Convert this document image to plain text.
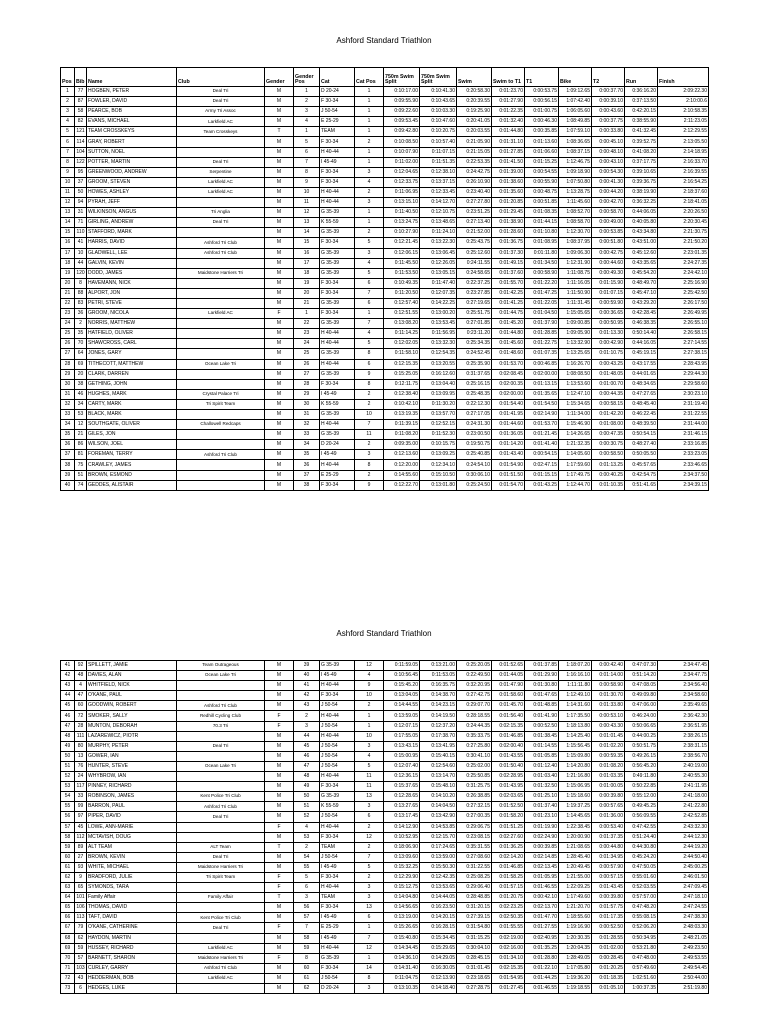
Ashford Standard Triathlon
Pos	Bib	Name	Club	Gender	Gender Pos	Cat	Cat Pos	750m Swim Split	750m Swim Split	Swim	Swim to T1	T1	Bike	T2	Run	Finish
1	77	HOGBEN, PETER	Deal Tri	M	1	D 20-24	1	0:10:17.00	0:10:41.30	0:20:58.30	0:01:23.70	0:00:53.75	1:09:12.65	0:00:37.70	0:36:16.20	2:09:22.30
2	87	FOWLER, DAVID	Deal Tri	M	2	F 30-34	1	0:09:55.90	0:10:43.65	0:20:39.55	0:01:27.90	0:00:56.15	1:07:42.40	0:00:39.10	0:37:13.50	2:10:00.6
3	58	PEARCE, BOB	Army Tri Assoc	M	3	J 50-54	1	0:09:22.60	0:10:03.30	0:19:25.90	0:01:22.35	0:01:00.75	1:06:05.60	0:00:43.60	0:42:20.15	2:10:58.35
4	82	EVANS, MICHAEL	Larkfield AC	M	4	E 25-29	1	0:09:53.45	0:10:47.60	0:20:41.05	0:01:32.40	0:00:46.30	1:08:49.85	0:00:37.75	0:38:55.90	2:11:23.05
5	121	TEAM CROSSKEYS	Team Crosskeys	T	1	TEAM	1	0:09:42.80	0:10:20.75	0:20:03.55	0:01:44.80	0:00:35.85	1:07:59.10	0:00:33.80	0:41:32.45	2:12:29.55
6	114	GRAY, ROBERT		M	5	F 30-34	2	0:10:08.50	0:10:57.40	0:21:05.90	0:01:31.10	0:01:13.60	1:08:36.65	0:00:45.10	0:39:52.75	2:13:05.50
7	104	SUTTON, NOEL		M	6	H 40-44	1	0:10:07.90	0:11:07.15	0:21:15.05	0:01:27.85	0:01:06.60	1:08:37.15	0:00:48.10	0:41:08.20	2:14:18.95
8	122	POTTER, MARTIN	Deal Tri	M	7	I 45-49	1	0:11:02.00	0:11:51.35	0:22:53.35	0:01:41.50	0:01:15.25	1:12:46.75	0:00:43.10	0:37:17.75	2:16:33.70
9	95	GREENWOOD, ANDREW	Serpentine	M	8	F 30-34	3	0:12:04.65	0:12:38.10	0:24:42.75	0:01:39.00	0:00:54.55	1:09:18.90	0:00:54.30	0:39:10.65	2:16:39.55
10	37	GROOM, STEVEN	Larkfield AC	M	9	F 30-34	4	0:12:33.75	0:13:37.15	0:26:10.90	0:01:38.60	0:00:55.90	1:07:50.80	0:00:41.30	0:39:36.75	2:16:54.25
11	50	HOWES, ASHLEY	Larkfield AC	M	10	H 40-44	2	0:11:06.95	0:12:33.45	0:23:40.40	0:01:35.60	0:00:48.75	1:13:28.75	0:00:44.20	0:38:19.90	2:18:37.60
12	94	PYRAH, JEFF		M	11	H 40-44	3	0:13:15.10	0:14:12.70	0:27:27.80	0:01:20.85	0:00:51.85	1:11:45.60	0:00:42.70	0:36:32.25	2:18:41.05
13	31	WILKINSON, ANGUS	Tri Anglia	M	12	G 35-39	1	0:11:40.50	0:12:10.75	0:23:51.25	0:01:29.45	0:01:08.35	1:08:52.70	0:00:58.70	0:44:06.05	2:20:26.50
14	71	GIRLING, ANDREW	Deal Tri	M	13	K 55-59	1	0:13:24.75	0:13:48.65	0:27:13.40	0:01:38.90	0:01:44.15	1:08:58.70	0:00:49.00	0:40:05.80	2:20:30.45
15	110	STAFFORD, MARK		M	14	G 35-39	2	0:10:27.90	0:11:24.10	0:21:52.00	0:01:28.60	0:01:10.80	1:12:30.70	0:00:53.85	0:43:34.80	2:21:30.75
16	41	HARRIS, DAVID	Ashford Tri Club	M	15	F 30-34	5	0:12:21.45	0:13:22.30	0:25:43.75	0:01:36.75	0:01:08.95	1:08:37.95	0:00:51.80	0:43:51.00	2:21:50.20
17	10	GLADWELL, LEE	Ashford Tri Club	M	16	G 35-39	3	0:12:06.15	0:13:06.45	0:25:12.60	0:01:37.30	0:01:11.80	1:09:06.30	0:00:42.75	0:45:12.60	2:23:01.35
18	44	GALVIN, KEVIN		M	17	G 35-39	4	0:11:45.50	0:12:26.05	0:24:11.55	0:01:49.15	0:01:34.50	1:12:31.90	0:00:44.60	0:43:35.65	2:24:27.35
19	120	DODD, JAMES	Maidstone Harriers Tri	M	18	G 35-39	5	0:11:53.50	0:13:05.15	0:24:58.65	0:01:37.60	0:00:58.90	1:11:08.75	0:00:49.30	0:45:54.20	2:24:42.10
20	8	HAVEMANN, NICK		M	19	F 30-34	6	0:10:49.35	0:11:47.40	0:22:37.25	0:01:55.70	0:01:22.20	1:11:16.05	0:01:15.90	0:48:49.70	2:25:16.90
21	88	ALPORT, JON		M	20	F 30-34	7	0:11:20.50	0:12:07.35	0:23:27.85	0:01:42.25	0:01:47.25	1:11:50.90	0:01:07.15	0:45:47.10	2:25:42.50
22	83	PETRI, STEVE		M	21	G 35-39	6	0:12:57.40	0:14:22.25	0:27:19.65	0:01:41.25	0:01:22.05	1:11:31.45	0:00:59.90	0:43:29.20	2:26:17.50
23	36	GROOM, NICOLA	Larkfield AC	F	1	F 30-34	1	0:12:51.55	0:13:00.20	0:25:51.75	0:01:44.75	0:01:04.50	1:15:05.65	0:00:36.65	0:42:28.45	2:26:49.95
24	2	NORRIS, MATTHEW		M	22	G 35-39	7	0:13:08.20	0:13:53.45	0:27:01.85	0:01:45.20	0:01:37.90	1:09:00.85	0:00:50.95	0:46:38.35	2:26:55.10
25	35	HATFIELD, OLIVER		M	23	H 40-44	4	0:11:14.25	0:11:56.95	0:23:11.20	0:01:44.80	0:01:28.85	1:09:05.90	0:01:13.30	0:50:14.40	2:26:58.15
26	70	SHAWCROSS, CARL		M	24	H 40-44	5	0:12:02.05	0:13:32.30	0:25:34.35	0:01:45.60	0:01:22.75	1:13:32.90	0:00:42.90	0:44:16.05	2:27:14.55
27	64	JONES, GARY		M	25	G 35-39	8	0:11:58.10	0:12:54.35	0:24:52.45	0:01:48.60	0:01:07.35	1:13:25.65	0:01:10.75	0:45:19.15	2:27:38.15
28	69	TITHECOTT, MATTHEW	Ocean Lake Tri	M	26	H 40-44	6	0:12:15.35	0:13:20.55	0:25:35.90	0:01:53.70	0:00:46.85	1:16:26.70	0:00:43.25	0:43:17.55	2:28:43.95
29	20	CLARK, DARREN		M	27	G 35-39	9	0:15:25.05	0:16:12.60	0:31:37.65	0:02:08.45	0:02:00.00	1:08:08.50	0:01:48.05	0:44:01.65	2:29:44.30
30	38	GETHING, JOHN		M	28	F 30-34	8	0:12:11.75	0:13:04.40	0:25:16.15	0:02:00.35	0:01:13.15	1:13:53.60	0:01:00.70	0:48:34.65	2:29:58.60
31	46	HUGHES, MARK	Crystal Palace Tri	M	29	I 45-49	2	0:12:38.40	0:13:09.95	0:25:48.35	0:02:00.00	0:01:35.65	1:12:47.10	0:00:44.35	0:47:27.65	2:30:23.10
32	34	CARTY, MARK	Tri Spirit Team	M	30	K 55-59	2	0:10:42.10	0:11:30.20	0:22:12.30	0:01:54.40	0:01:54.50	1:15:34.65	0:00:58.15	0:48:45.40	2:31:19.40
33	53	BLACK, MARK		M	31	G 35-39	10	0:13:19.35	0:13:57.70	0:27:17.05	0:01:41.95	0:02:14.90	1:11:34.00	0:01:42.20	0:46:22.45	2:31:22.55
34	12	SOUTHGATE, OLIVER	Challowell Redcaps	M	32	H 40-44	7	0:11:39.15	0:12:52.15	0:24:31.30	0:01:44.60	0:01:53.70	1:15:46.90	0:01:08.00	0:48:39.50	2:31:44.00
35	21	GILES, JON		M	33	G 35-39	11	0:11:08.20	0:11:52.30	0:23:00.50	0:01:36.05	0:01:21.45	1:14:26.65	0:00:47.35	0:50:54.15	2:31:46.15
36	86	WILSON, JOEL		M	34	D 20-24	2	0:09:35.00	0:10:15.75	0:19:50.75	0:01:14.20	0:01:41.40	1:21:32.35	0:00:30.75	0:48:27.40	2:33:16.85
37	81	FOREMAN, TERRY	Ashford Tri Club	M	35	I 45-49	3	0:12:13.60	0:13:09.25	0:25:40.85	0:01:43.40	0:00:54.15	1:14:05.60	0:00:58.50	0:50:05.50	2:33:23.05
38	75	CRAWLEY, JAMES		M	36	H 40-44	8	0:12:20.00	0:12:34.10	0:24:54.10	0:01:54.90	0:02:47.15	1:17:59.60	0:01:13.25	0:45:57.65	2:33:46.65
39	51	BROWN, ESMOND		M	37	E 25-29	2	0:14:55.60	0:15:10.50	0:30:06.10	0:01:51.50	0:01:15.15	1:17:49.75	0:00:40.25	0:42:54.75	2:34:37.50
40	74	GEDDES, ALISTAIR		M	38	F 30-34	9	0:12:22.70	0:13:01.80	0:25:24.50	0:01:54.70	0:01:43.25	1:12:44.70	0:01:10.35	0:51:41.65	2:34:39.15
Ashford Standard Triathlon
41	92	SPILLETT, JAMIE	Team Outrageous	M	39	G 35-39	12	0:11:59.05	0:13:21.00	0:25:20.05	0:01:52.65	0:01:37.85	1:18:07.20	0:00:42.40	0:47:07.30	2:34:47.45
42	48	DAVIES, ALAN	Ocean Lake Tri	M	40	I 45-49	4	0:10:56.45	0:11:53.05	0:22:49.50	0:01:44.05	0:01:29.90	1:16:16.10	0:01:14.00	0:51:14.20	2:34:47.75
43	4	WHITFIELD, NICK		M	41	H 40-44	9	0:15:45.20	0:16:35.75	0:32:20.95	0:01:47.90	0:01:30.80	1:11:11.80	0:00:58.90	0:47:08.05	2:34:56.40
44	47	O'KANE, PAUL		M	42	F 30-34	10	0:13:04.05	0:14:38.70	0:27:42.75	0:01:58.60	0:01:47.65	1:12:49.10	0:01:30.70	0:49:09.80	2:34:58.60
45	60	GOODWIN, ROBERT	Ashford Tri Club	M	43	J 50-54	2	0:14:44.55	0:14:23.15	0:29:07.70	0:01:45.70	0:01:48.85	1:14:31.60	0:01:33.80	0:47:06.00	2:35:49.65
46	72	SMOKER, SALLY	Redhill Cycling Club	F	2	H 40-44	1	0:13:59.05	0:14:19.50	0:28:18.55	0:01:56.40	0:01:41.90	1:17:35.50	0:00:53.10	0:46:24.00	2:36:42.30
47	28	MUNTON, DEBORAH	70.3 Tri	F	3	J 50-54	1	0:12:07.15	0:12:37.20	0:24:44.35	0:02:15.35	0:00:52.50	1:18:13.80	0:00:43.30	0:50:06.65	2:36:51.95
48	111	LAZAREWICZ, PIOTR		M	44	H 40-44	10	0:17:55.05	0:17:38.70	0:35:33.75	0:01:46.85	0:01:38.45	1:14:25.40	0:01:01.45	0:44:00.25	2:38:26.15
49	80	MURPHY, PETER	Deal Tri	M	45	J 50-54	3	0:13:43.15	0:13:41.95	0:27:25.80	0:02:00.40	0:01:14.55	1:15:56.45	0:01:02.20	0:50:51.75	2:38:31.15
50	13	GOWER, IAN		M	46	J 50-54	4	0:15:00.95	0:15:40.15	0:30:41.10	0:01:43.55	0:01:05.85	1:15:09.80	0:00:59.35	0:49:26.15	2:38:56.70
51	76	HUNTER, STEVE	Ocean Lake Tri	M	47	J 50-54	5	0:12:07.40	0:12:54.60	0:25:02.00	0:01:50.40	0:01:12.40	1:14:20.80	0:01:08.20	0:56:45.20	2:40:19.00
52	24	WHYBROW, IAN		M	48	H 40-44	11	0:12:36.15	0:13:14.70	0:25:50.85	0:02:28.95	0:01:03.40	1:21:16.80	0:01:03.35	0:49:11.80	2:40:55.30
53	117	PINNEY, RICHARD		M	49	F 30-34	11	0:15:37.65	0:15:48.10	0:31:25.75	0:01:43.95	0:01:32.50	1:15:06.95	0:01:00.05	0:50:22.85	2:41:11.95
54	33	ROBINSON, JAMES	Kent Police Tri Club	M	50	G 35-39	13	0:12:28.65	0:14:10.20	0:26:38.85	0:02:03.65	0:01:25.10	1:15:18.60	0:00:39.80	0:55:12.00	2:41:18.00
55	99	BARRON, PAUL	Ashford Tri Club	M	51	K 55-59	3	0:13:27.65	0:14:04.50	0:27:32.15	0:01:52.50	0:01:37.40	1:19:37.25	0:00:57.65	0:49:45.25	2:41:22.80
56	97	PIPER, DAVID	Deal Tri	M	52	J 50-54	6	0:13:17.45	0:13:42.90	0:27:00.35	0:01:58.20	0:01:23.10	1:14:45.65	0:01:36.00	0:56:09.55	2:42:52.85
57	45	LOWE, ANN-MARIE		F	4	H 40-44	2	0:14:12.90	0:14:53.85	0:29:06.75	0:01:51.25	0:01:19.90	1:22:38.45	0:00:53.40	0:47:42.55	2:43:32.30
58	112	MCTAVISH, DOUG		M	53	F 30-34	12	0:10:52.95	0:12:15.70	0:23:08.15	0:02:27.60	0:02:24.90	1:20:00.90	0:01:37.35	0:51:24.40	2:44:12.30
59	89	ALT TEAM	ALT Team	T	2	TEAM	2	0:18:06.90	0:17:24.65	0:35:31.55	0:01:36.25	0:00:39.85	1:21:08.65	0:00:44.80	0:44:30.80	2:44:19.20
60	27	BROWN, KEVIN	Deal Tri	M	54	J 50-54	7	0:13:09.60	0:13:59.00	0:27:08.60	0:02:14.20	0:02:14.85	1:28:45.40	0:01:34.95	0:45:24.20	2:44:50.40
61	93	WHITE, MICHAEL	Maidstone Harriers Tri	M	55	I 45-49	5	0:15:32.25	0:15:50.30	0:31:22.55	0:01:46.85	0:02:13.45	1:20:49.45	0:00:57.90	0:47:50.05	2:45:00.25
62	9	BRADFORD, JULIE	Tri Spirit Team	F	5	F 30-34	2	0:12:29.90	0:12:42.35	0:25:08.25	0:01:58.25	0:01:05.95	1:21:55.00	0:00:57.15	0:55:01.60	2:46:01.50
63	65	SYMONDS, TARA		F	6	H 40-44	3	0:15:12.75	0:13:53.65	0:29:06.40	0:01:57.15	0:01:46.55	1:22:09.25	0:01:43.45	0:52:03.55	2:47:09.45
64	101	Family Affair	Family Affair	T	3	TEAM	3	0:14:04.80	0:14:44.05	0:28:48.85	0:01:20.75	0:00:42.10	1:17:49.60	0:00:39.80	0:57:57.00	2:47:18.10
65	106	THOMAS, DAVID		M	56	F 30-34	13	0:14:56.65	0:16:23.50	0:31:20.15	0:02:23.25	0:02:13.70	1:21:20.70	0:01:57.75	0:47:48.20	2:47:24.55
66	113	TAFT, DAVID	Kent Police Tri Club	M	57	I 45-49	6	0:13:19.00	0:14:20.15	0:27:39.15	0:02:50.35	0:01:47.70	1:18:55.60	0:01:17.35	0:55:08.15	2:47:38.30
67	79	O'KANE, CATHERINE	Deal Tri	F	7	E 25-29	1	0:15:26.65	0:16:28.15	0:31:54.80	0:01:55.55	0:01:27.55	1:19:16.90	0:00:52.50	0:52:06.20	2:48:03.30
68	62	HAYDON, MARTIN		M	58	I 45-49	7	0:15:40.80	0:15:34.45	0:31:15.25	0:02:19.00	0:02:40.95	1:20:30.35	0:01:28.55	0:50:34.95	2:48:21.05
69	59	HUSSEY, RICHARD	Larkfield AC	M	59	H 40-44	12	0:14:34.45	0:15:29.65	0:30:04.10	0:02:16.00	0:01:35.25	1:20:04.35	0:01:02.00	0:53:21.80	2:49:23.50
70	57	BARNETT, SHARON	Maidstone Harriers Tri	F	8	G 35-39	1	0:14:36.10	0:14:29.05	0:28:45.15	0:01:34.10	0:01:28.80	1:28:49.05	0:00:28.45	0:47:48.00	2:49:53.55
71	103	CURLEY, GARRY	Ashford Tri Club	M	60	F 30-34	14	0:14:31.40	0:16:30.05	0:31:01.45	0:02:15.35	0:01:22.10	1:17:05.80	0:01:20.25	0:57:49.60	2:49:54.45
72	43	HEDDERMAN, BOB	Larkfield AC	M	61	J 50-54	8	0:11:04.75	0:12:13.90	0:23:18.65	0:01:54.95	0:01:44.25	1:19:36.20	0:01:18.35	1:02:51.60	2:50:44.00
73	6	HEDGES, LUKE		M	62	D 20-24	3	0:13:10.35	0:14:18.40	0:27:28.75	0:01:27.45	0:01:46.55	1:19:18.55	0:01:05.10	1:00:37.35	2:51:19.80
